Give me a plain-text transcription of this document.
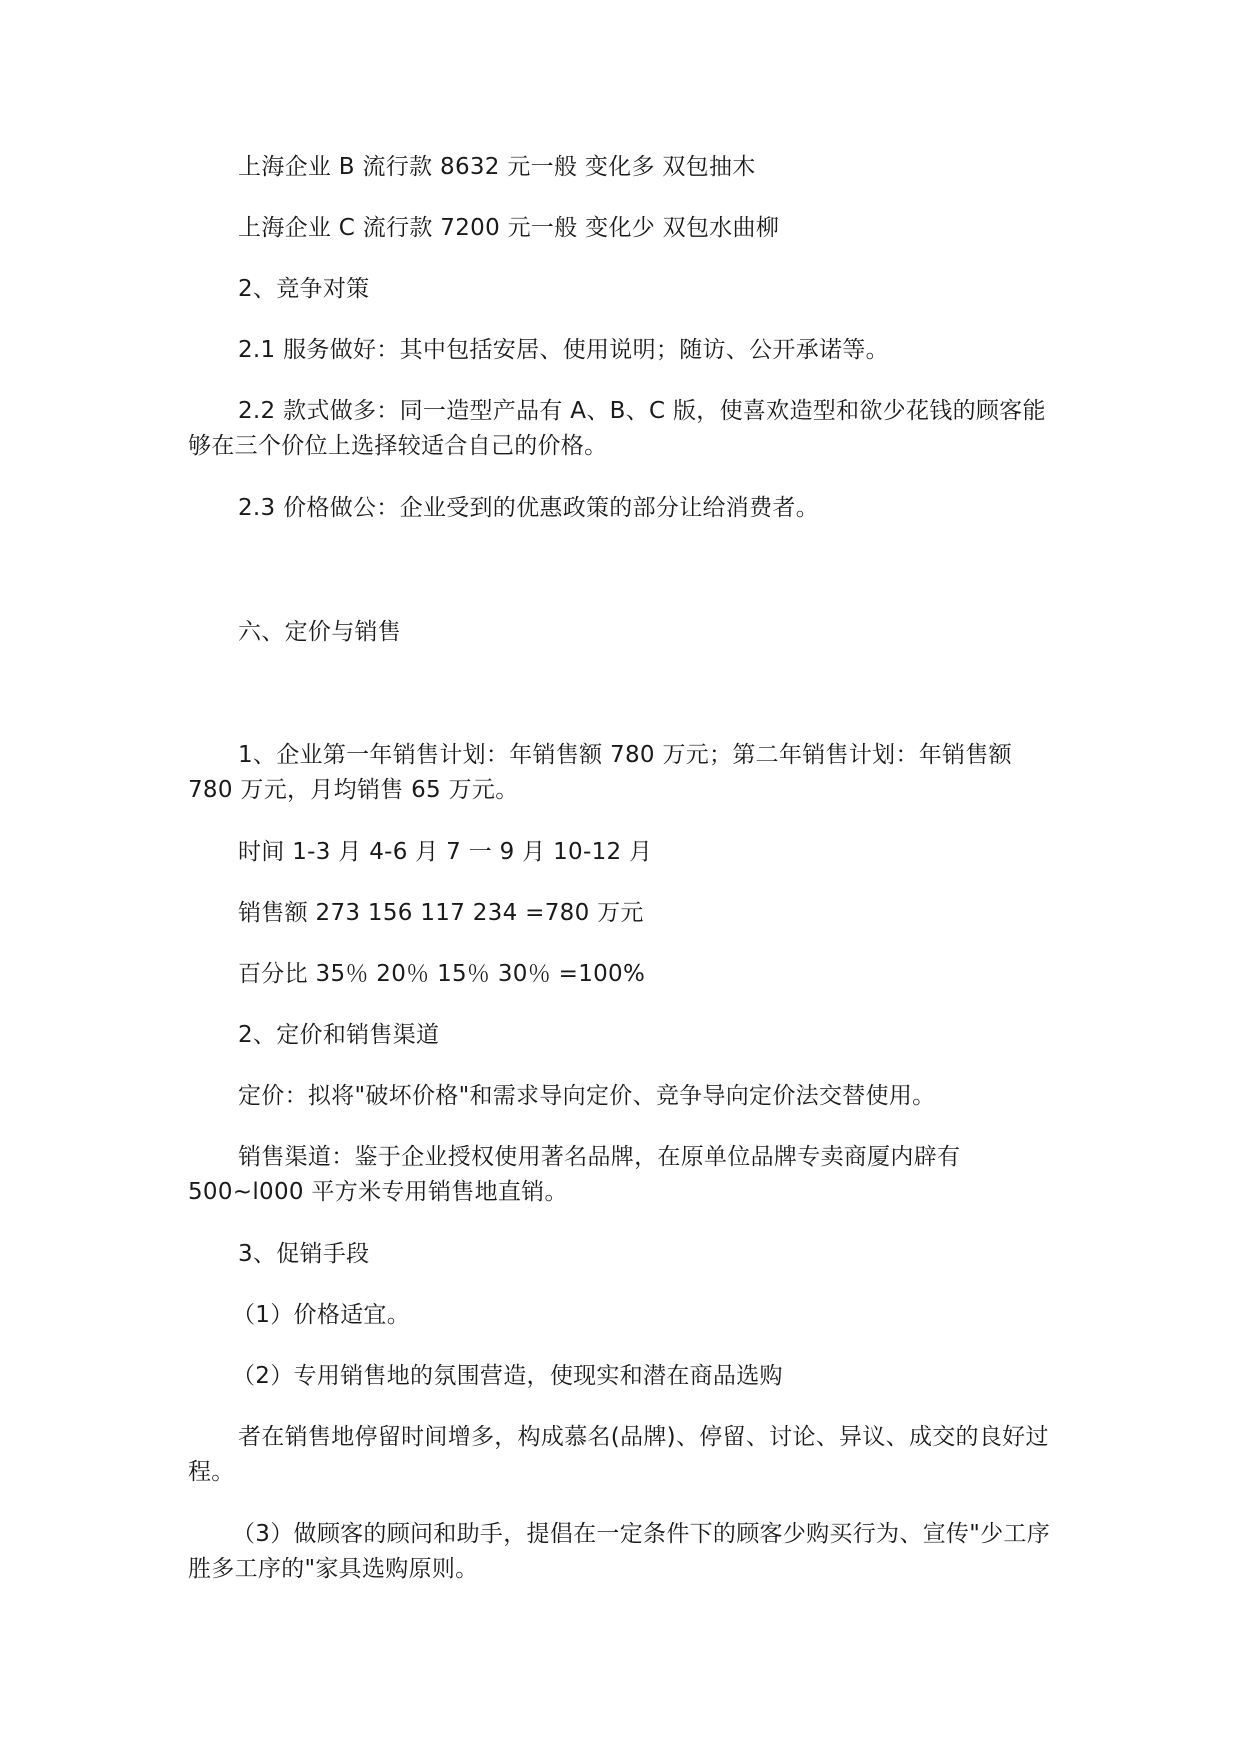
上海企业 B 流行款 8632 元一般 变化多 双包抽木
上海企业 C 流行款 7200 元一般 变化少 双包水曲柳
2、竞争对策
2.1 服务做好：其中包括安居、使用说明；随访、公开承诺等。

2.2 款式做多：同一造型产品有 A、B、C 版，使喜欢造型和欲少花钱的顾客能够在三个价位上选择较适合自己的价格。

2.3 价格做公：企业受到的优惠政策的部分让给消费者。
六、定价与销售

1、企业第一年销售计划：年销售额 780 万元；第二年销售计划：年销售额 780 万元，月均销售 65 万元。

时间 1-3 月 4-6 月 7 一 9 月 10-12 月
销售额 273 156 117 234 =780 万元
百分比 35％ 20％ 15％ 30％ =100%
2、定价和销售渠道
定价：拟将"破坏价格"和需求导向定价、竞争导向定价法交替使用。

销售渠道：鉴于企业授权使用著名品牌，在原单位品牌专卖商厦内辟有 500~l000 平方米专用销售地直销。

3、促销手段
（1）价格适宜。
（2）专用销售地的氛围营造，使现实和潜在商品选购

者在销售地停留时间增多，构成慕名(品牌)、停留、讨论、异议、成交的良好过程。

（3）做顾客的顾问和助手，提倡在一定条件下的顾客少购买行为、宣传"少工序胜多工序的"家具选购原则。
